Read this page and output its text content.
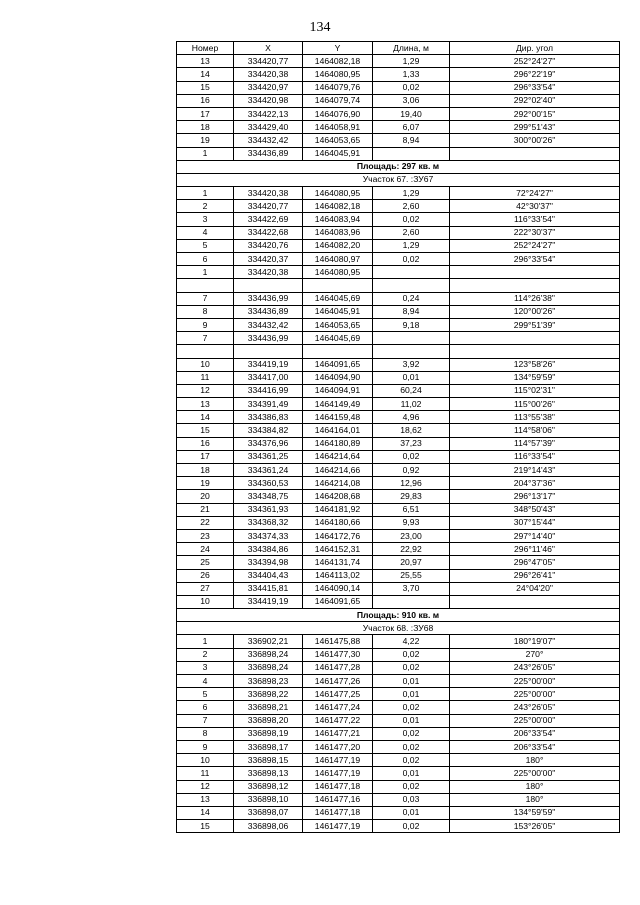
134
Номер	X	Y	Длина, м	Дир. угол
13	334420,77	1464082,18	1,29	252°24'27"
14	334420,38	1464080,95	1,33	296°22'19"
15	334420,97	1464079,76	0,02	296°33'54"
16	334420,98	1464079,74	3,06	292°02'40"
17	334422,13	1464076,90	19,40	292°00'15"
18	334429,40	1464058,91	6,07	299°51'43"
19	334432,42	1464053,65	8,94	300°00'26"
1	334436,89	1464045,91		
Площадь: 297 кв. м				
Участок 67. :ЗУ67				
1	334420,38	1464080,95	1,29	72°24'27"
2	334420,77	1464082,18	2,60	42°30'37"
3	334422,69	1464083,94	0,02	116°33'54"
4	334422,68	1464083,96	2,60	222°30'37"
5	334420,76	1464082,20	1,29	252°24'27"
6	334420,37	1464080,97	0,02	296°33'54"
1	334420,38	1464080,95		

7	334436,99	1464045,69	0,24	114°26'38"
8	334436,89	1464045,91	8,94	120°00'26"
9	334432,42	1464053,65	9,18	299°51'39"
7	334436,99	1464045,69		

10	334419,19	1464091,65	3,92	123°58'26"
11	334417,00	1464094,90	0,01	134°59'59"
12	334416,99	1464094,91	60,24	115°02'31"
13	334391,49	1464149,49	11,02	115°00'26"
14	334386,83	1464159,48	4,96	113°55'38"
15	334384,82	1464164,01	18,62	114°58'06"
16	334376,96	1464180,89	37,23	114°57'39"
17	334361,25	1464214,64	0,02	116°33'54"
18	334361,24	1464214,66	0,92	219°14'43"
19	334360,53	1464214,08	12,96	204°37'36"
20	334348,75	1464208,68	29,83	296°13'17"
21	334361,93	1464181,92	6,51	348°50'43"
22	334368,32	1464180,66	9,93	307°15'44"
23	334374,33	1464172,76	23,00	297°14'40"
24	334384,86	1464152,31	22,92	296°11'46"
25	334394,98	1464131,74	20,97	296°47'05"
26	334404,43	1464113,02	25,55	296°26'41"
27	334415,81	1464090,14	3,70	24°04'20"
10	334419,19	1464091,65		
Площадь: 910 кв. м				
Участок 68. :ЗУ68				
1	336902,21	1461475,88	4,22	180°19'07"
2	336898,24	1461477,30	0,02	270°
3	336898,24	1461477,28	0,02	243°26'05"
4	336898,23	1461477,26	0,01	225°00'00"
5	336898,22	1461477,25	0,01	225°00'00"
6	336898,21	1461477,24	0,02	243°26'05"
7	336898,20	1461477,22	0,01	225°00'00"
8	336898,19	1461477,21	0,02	206°33'54"
9	336898,17	1461477,20	0,02	206°33'54"
10	336898,15	1461477,19	0,02	180°
11	336898,13	1461477,19	0,01	225°00'00"
12	336898,12	1461477,18	0,02	180°
13	336898,10	1461477,16	0,03	180°
14	336898,07	1461477,18	0,01	134°59'59"
15	336898,06	1461477,19	0,02	153°26'05"
